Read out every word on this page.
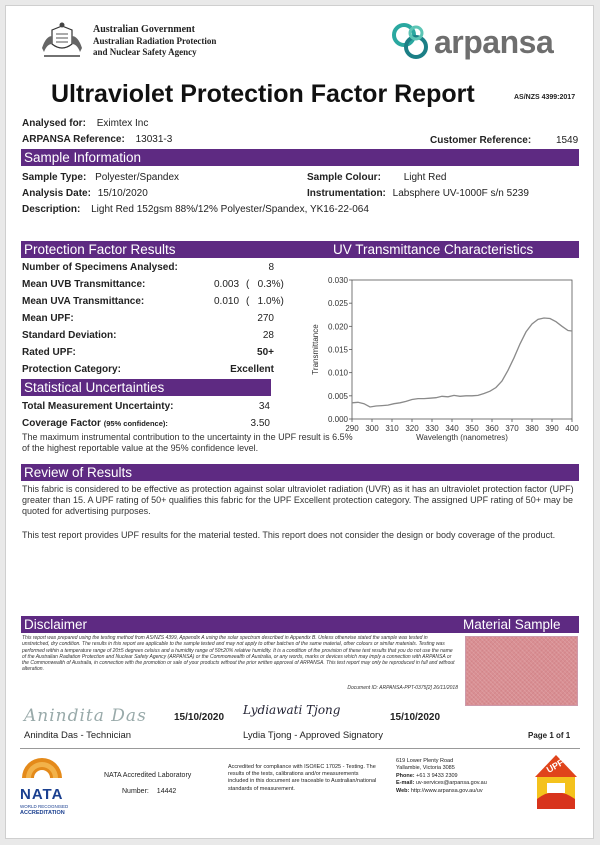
Australian Government
Australian Radiation Protection
and Nuclear Safety Agency	arpansa
Ultraviolet Protection Factor Report	AS/NZS 4399:2017
Analysed for: Eximtex Inc
ARPANSA Reference: 13031-3	Customer Reference: 1549
Sample Information
Sample Type: Polyester/Spandex	Sample Colour: Light Red
Analysis Date: 15/10/2020	Instrumentation: Labsphere UV-1000F s/n 5239
Description: Light Red 152gsm 88%/12% Polyester/Spandex, YK16-22-064
Protection Factor Results	UV Transmittance Characteristics
Number of Specimens Analysed:	8
Mean UVB Transmittance:	0.003 (   0.3%)
Mean UVA Transmittance:	0.010 (   1.0%)
Mean UPF:	270
Standard Deviation:	28
Rated UPF:	50+
Protection Category:	Excellent
Statistical Uncertainties
Total Measurement Uncertainty:	34
Coverage Factor (95% confidence):	3.50
The maximum instrumental contribution to the uncertainty in the UPF result is 6.5% of the highest reportable value at the 95% confidence level.
0.000
0.005
0.010
0.015
0.020
0.025
0.030
290 300 310 320 330 340 350 360 370 380 390 400
Wavelength (nanometres)
Transmittance
Review of Results
This fabric is considered to be effective as protection against solar ultraviolet radiation (UVR) as it has an ultraviolet protection factor (UPF) greater than 15. A UPF rating of 50+ qualifies this fabric for the UPF Excellent protection category. The assigned UPF rating of 50+ may be quoted for advertising purposes.
This test report provides UPF results for the material tested. This report does not consider the design or body coverage of the product.
Disclaimer	Material Sample
This report was prepared using the testing method from AS/NZS 4399, Appendix A using the solar spectrum described in Appendix B. Unless otherwise stated the sample was tested in unstretched, dry condition. The results in this report are applicable to the sample tested and may not apply to other batches of the same material, other colours or similar materials. Testing was performed within a temperature range of 20±5 degrees celsius and a humidity range of 50±20% relative humidity. It is a condition of the provision of these test results that you do not use the name of the Australian Radiation Protection and Nuclear Safety Agency (ARPANSA) or the Commonwealth of Australia, or any words, marks or devices which may imply a connection with ARPANSA or the Commonwealth of Australia, in connection with the promotion or sale of your products without the prior written approval of ARPANSA. This test report may only be reproduced in full and without alteration.
Document ID: ARPANSA-PPT-0375[2] 26/11/2018
Anindita Das	15/10/2020
Anindita Das - Technician
Lydiawati Tjong
15/10/2020
Lydia Tjong - Approved Signatory	Page 1 of 1
NATA
WORLD RECOGNISED
ACCREDITATION
NATA Accredited Laboratory
Number: 14442
Accredited for compliance with ISO/IEC 17025 - Testing. The results of the tests, calibrations and/or measurements included in this document are traceable to Australian/national standards of measurement.
619 Lower Plenty Road
Yallambie, Victoria 3085
Phone: +61 3 9433 2309
E-mail: uv-services@arpansa.gov.au
Web: http://www.arpansa.gov.au/uv
UPF
